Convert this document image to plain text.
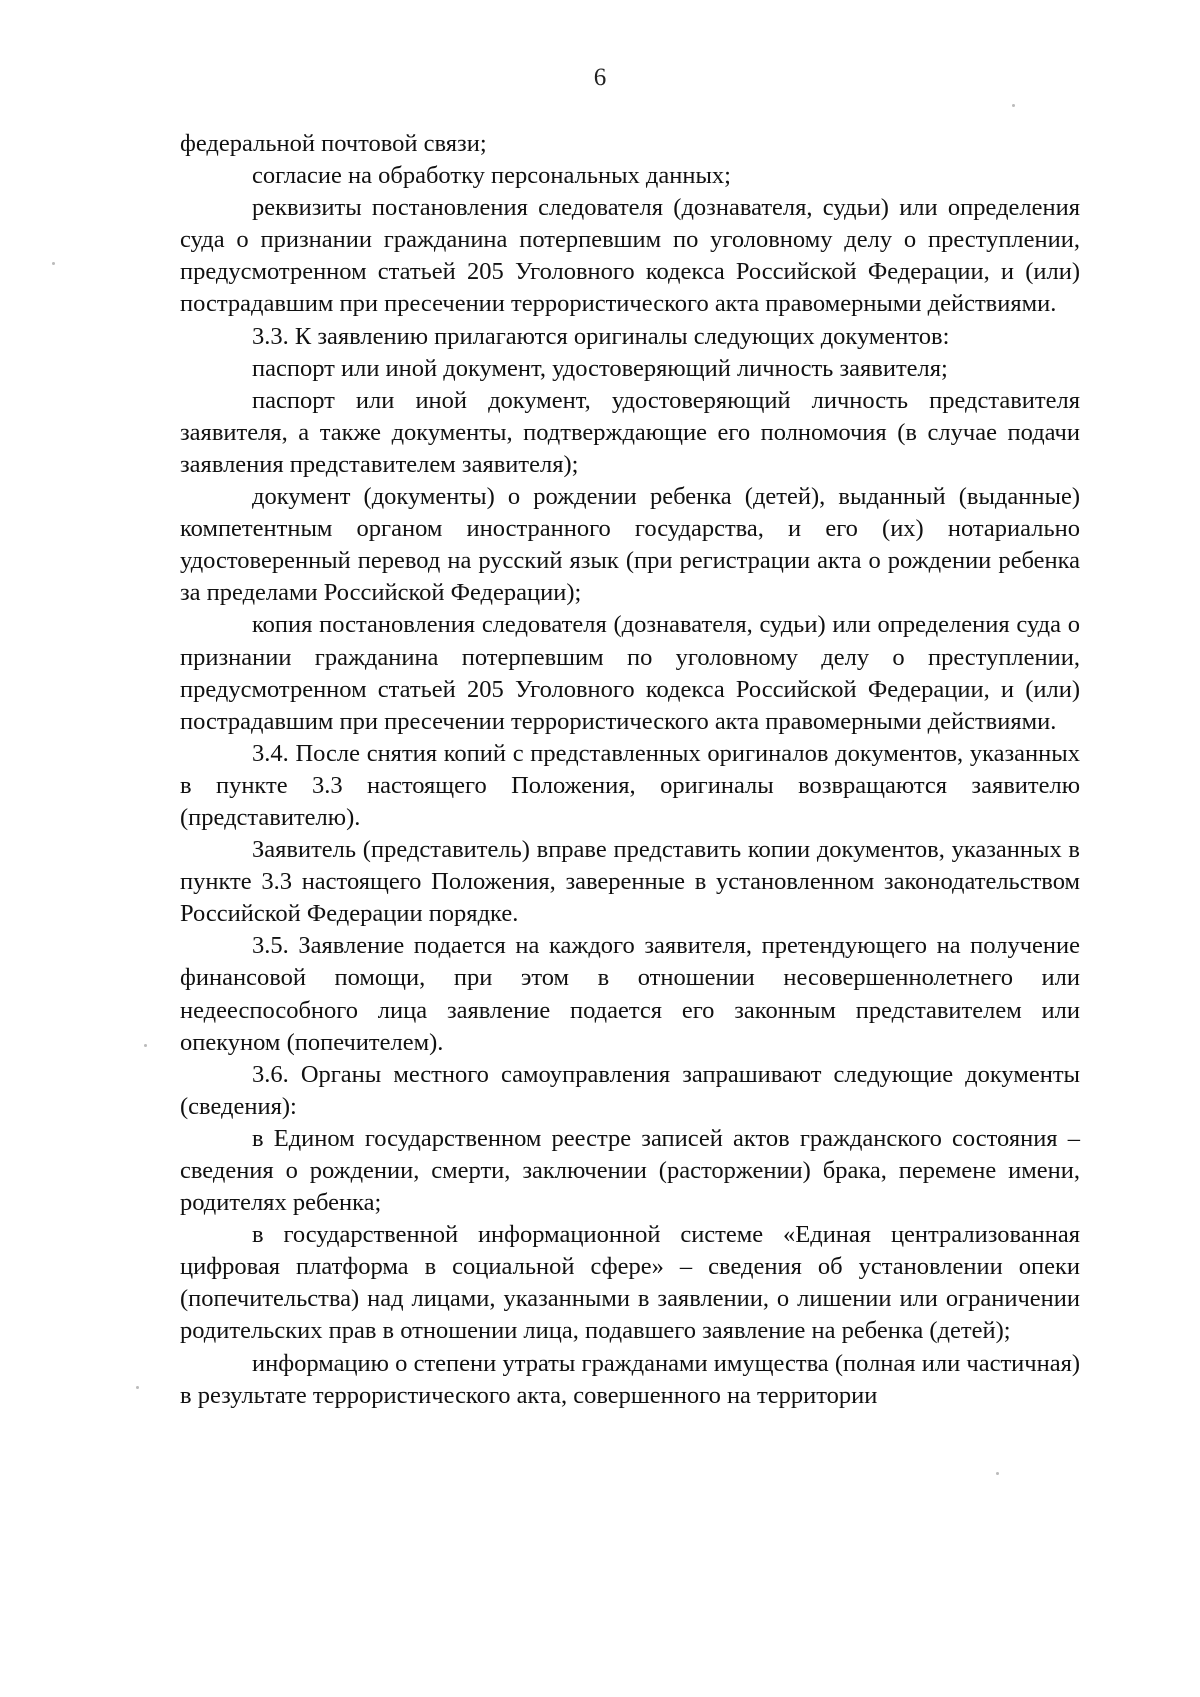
6

федеральной почтовой связи;

согласие на обработку персональных данных;

реквизиты постановления следователя (дознавателя, судьи) или определения суда о признании гражданина потерпевшим по уголовному делу о преступлении, предусмотренном статьей 205 Уголовного кодекса Российской Федерации, и (или) пострадавшим при пресечении террористического акта правомерными действиями.

3.3. К заявлению прилагаются оригиналы следующих документов:

паспорт или иной документ, удостоверяющий личность заявителя;

паспорт или иной документ, удостоверяющий личность представителя заявителя, а также документы, подтверждающие его полномочия (в случае подачи заявления представителем заявителя);

документ (документы) о рождении ребенка (детей), выданный (выданные) компетентным органом иностранного государства, и его (их) нотариально удостоверенный перевод на русский язык (при регистрации акта о рождении ребенка за пределами Российской Федерации);

копия постановления следователя (дознавателя, судьи) или определения суда о признании гражданина потерпевшим по уголовному делу о преступлении, предусмотренном статьей 205 Уголовного кодекса Российской Федерации, и (или) пострадавшим при пресечении террористического акта правомерными действиями.

3.4. После снятия копий с представленных оригиналов документов, указанных в пункте 3.3 настоящего Положения, оригиналы возвращаются заявителю (представителю).

Заявитель (представитель) вправе представить копии документов, указанных в пункте 3.3 настоящего Положения, заверенные в установленном законодательством Российской Федерации порядке.

3.5. Заявление подается на каждого заявителя, претендующего на получение финансовой помощи, при этом в отношении несовершеннолетнего или недееспособного лица заявление подается его законным представителем или опекуном (попечителем).

3.6. Органы местного самоуправления запрашивают следующие документы (сведения):

в Едином государственном реестре записей актов гражданского состояния – сведения о рождении, смерти, заключении (расторжении) брака, перемене имени, родителях ребенка;

в государственной информационной системе «Единая централизованная цифровая платформа в социальной сфере» – сведения об установлении опеки (попечительства) над лицами, указанными в заявлении, о лишении или ограничении родительских прав в отношении лица, подавшего заявление на ребенка (детей);

информацию о степени утраты гражданами имущества (полная или частичная) в результате террористического акта, совершенного на территории
